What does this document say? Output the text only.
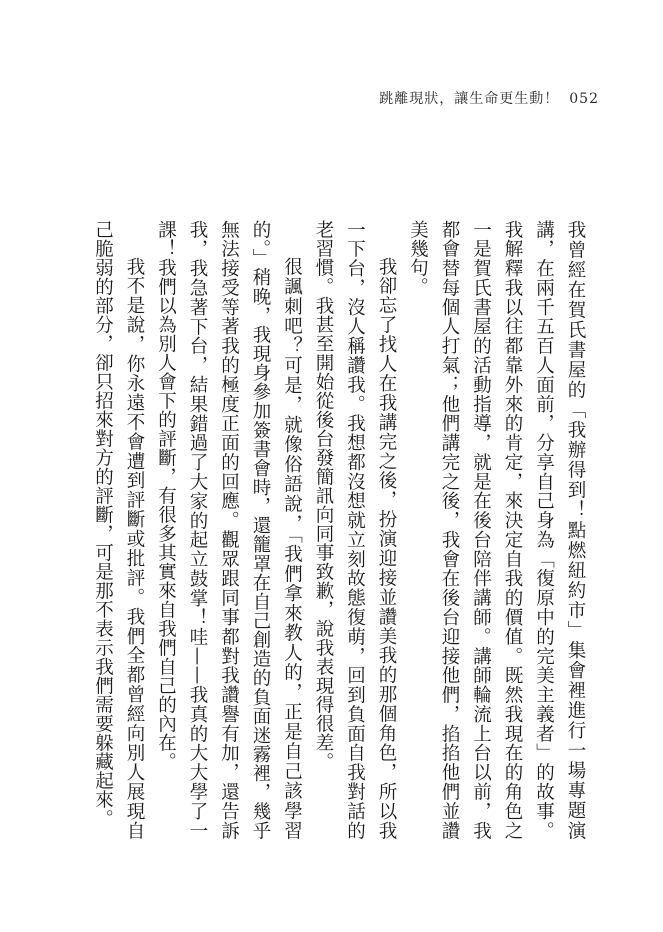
跳離現狀，讓生命更生動！ 052

我曾經在賀氏書屋的「我辦得到！點燃紐約市」集會裡進行一場專題演講，在兩千五百人面前，分享自己身為「復原中的完美主義者」的故事。我解釋我以往都靠外來的肯定，來決定自我的價值。既然我現在的角色之一是賀氏書屋的活動指導，就是在後台陪伴講師。講師輪流上台以前，我都會替每個人打氣；他們講完之後，我會在後台迎接他們，掐掐他們並讚美幾句。

我卻忘了找人在我講完之後，扮演迎接並讚美我的那個角色，所以我一下台，沒人稱讚我。我想都沒想就立刻故態復萌，回到負面自我對話的老習慣。我甚至開始從後台發簡訊向同事致歉，說我表現得很差。

很諷刺吧？可是，就像俗語說，「我們拿來教人的，正是自己該學習的。」稍晚，我現身參加簽書會時，還籠罩在自己創造的負面迷霧裡，幾乎無法接受等著我的極度正面的回應。觀眾跟同事都對我讚譽有加，還告訴我，我急著下台，結果錯過了大家的起立鼓掌！哇——我真的大大學了一課！我們以為別人會下的評斷，有很多其實來自我們自己的內在。

我不是說，你永遠不會遭到評斷或批評。我們全都曾經向別人展現自己脆弱的部分，卻只招來對方的評斷，可是那不表示我們需要躲藏起來。
